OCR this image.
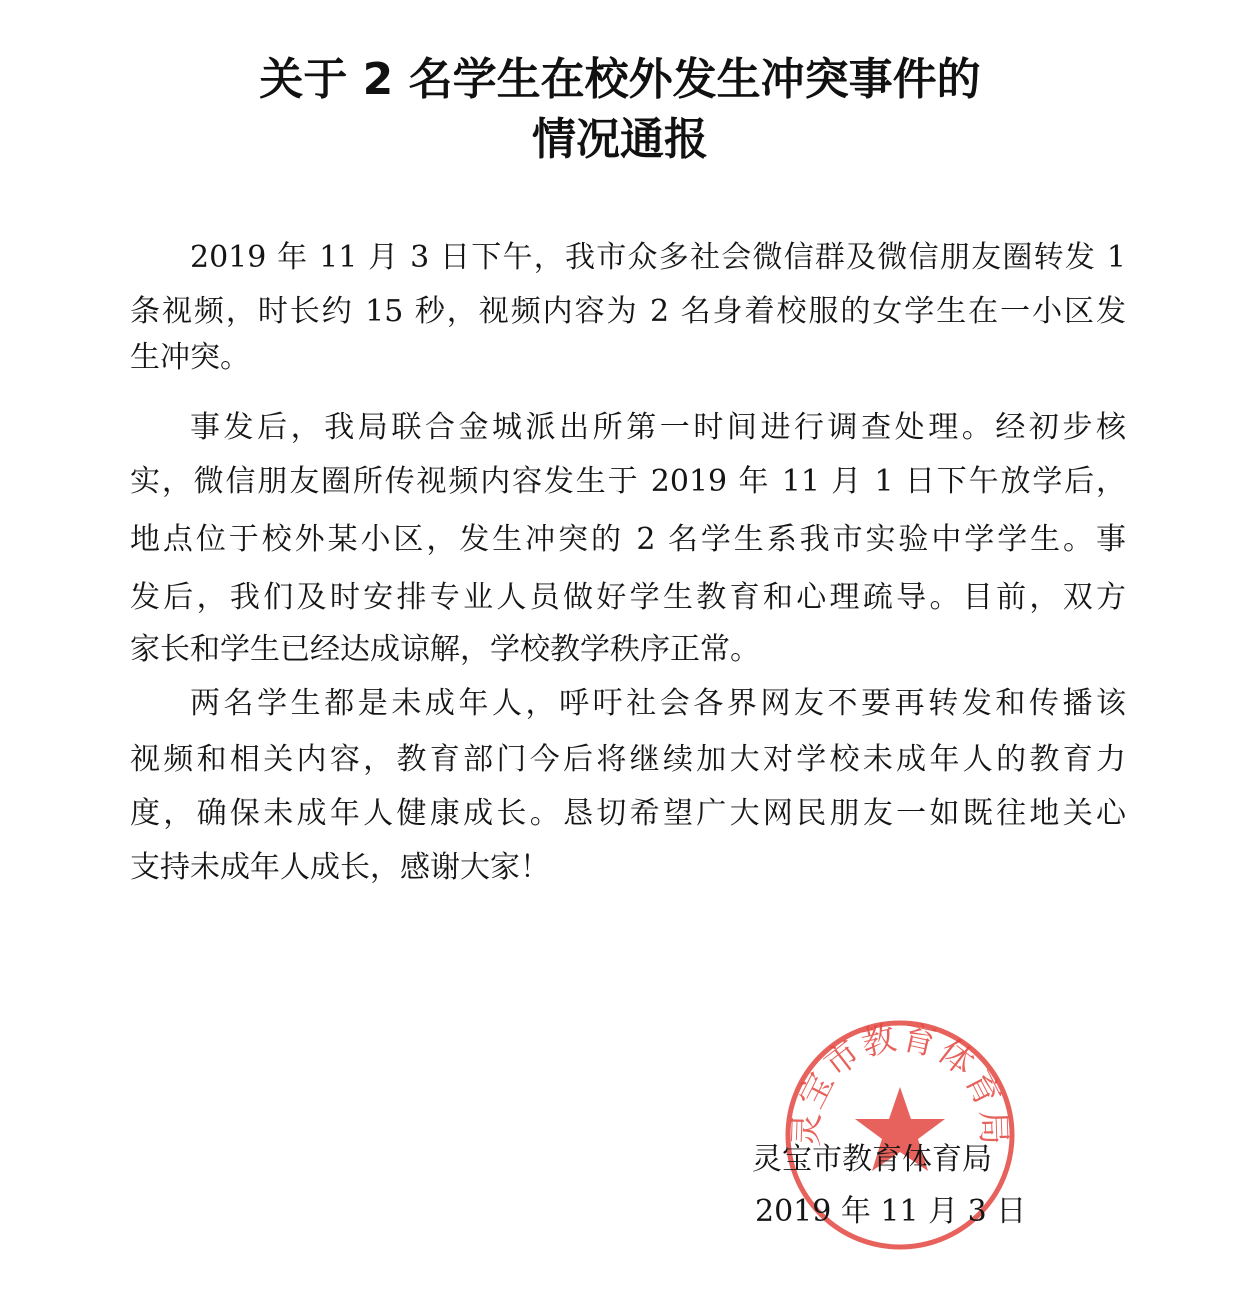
关于 2 名学生在校外发生冲突事件的
情况通报
2019 年 11 月 3 日下午，我市众多社会微信群及微信朋友圈转发 1
条视频，时长约 15 秒，视频内容为 2 名身着校服的女学生在一小区发
生冲突。
事发后，我局联合金城派出所第一时间进行调查处理。经初步核
实，微信朋友圈所传视频内容发生于 2019 年 11 月 1 日下午放学后，
地点位于校外某小区，发生冲突的 2 名学生系我市实验中学学生。事
发后，我们及时安排专业人员做好学生教育和心理疏导。目前，双方
家长和学生已经达成谅解，学校教学秩序正常。
两名学生都是未成年人，呼吁社会各界网友不要再转发和传播该
视频和相关内容，教育部门今后将继续加大对学校未成年人的教育力
度，确保未成年人健康成长。恳切希望广大网民朋友一如既往地关心
支持未成年人成长，感谢大家！
灵宝市教育体育局
灵宝市教育体育局
2019 年 11 月 3 日
